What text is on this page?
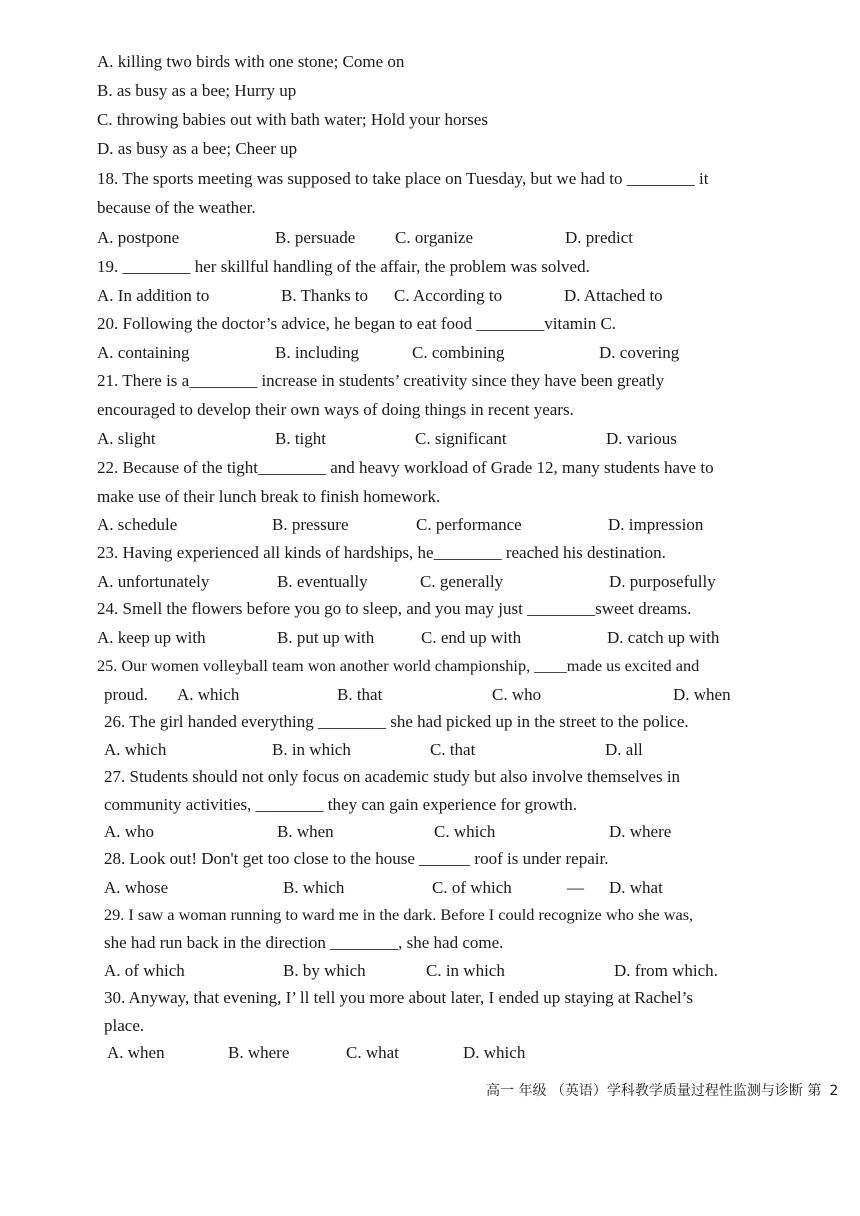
A. killing two birds with one stone; Come on
B. as busy as a bee; Hurry up
C. throwing babies out with bath water; Hold your horses
D. as busy as a bee; Cheer up
18. The sports meeting was supposed to take place on Tuesday, but we had to ________ it
because of the weather.
A. postpone	B. persuade C. organize	D. predict
19. ________ her skillful handling of the affair, the problem was solved.
A. In addition to	B. Thanks to C. According to	D. Attached to
20. Following the doctor’s advice, he began to eat food ________vitamin C.
A. containing	B. including	C. combining	D. covering
21. There is a________ increase in students’ creativity since they have been greatly
encouraged to develop their own ways of doing things in recent years.
A. slight	B. tight	C. significant	D. various
22. Because of the tight________ and heavy workload of Grade 12, many students have to
make use of their lunch break to finish homework.
A. schedule	B. pressure	C. performance	D. impression
23. Having experienced all kinds of hardships, he________ reached his destination.
A. unfortunately	B. eventually	C. generally	D. purposefully
24. Smell the flowers before you go to sleep, and you may just ________sweet dreams.
A. keep up with	B. put up with	C. end up with	D. catch up with
25. Our women volleyball team won another world championship, ____made us excited and
proud. A. which	B. that	C. who	D. when
26. The girl handed everything ________ she had picked up in the street to the police.
A. which	B. in which	C. that	D. all
27. Students should not only focus on academic study but also involve themselves in
community activities, ________ they can gain experience for growth.
A. who	B. when	C. which	D. where
28. Look out! Don't get too close to the house ______ roof is under repair.
A. whose	B. which	C. of which	— D. what
29. I saw a woman running to ward me in the dark. Before I could recognize who she was,
she had run back in the direction ________, she had come.
A. of which	B. by which	C. in which	D. from which.
30. Anyway, that evening, I’ ll tell you more about later, I ended up staying at Rachel’s
place.
A. when	B. where	C. what	D. which
高一 年级 （英语）学科教学质量过程性监测与诊断 第 2
